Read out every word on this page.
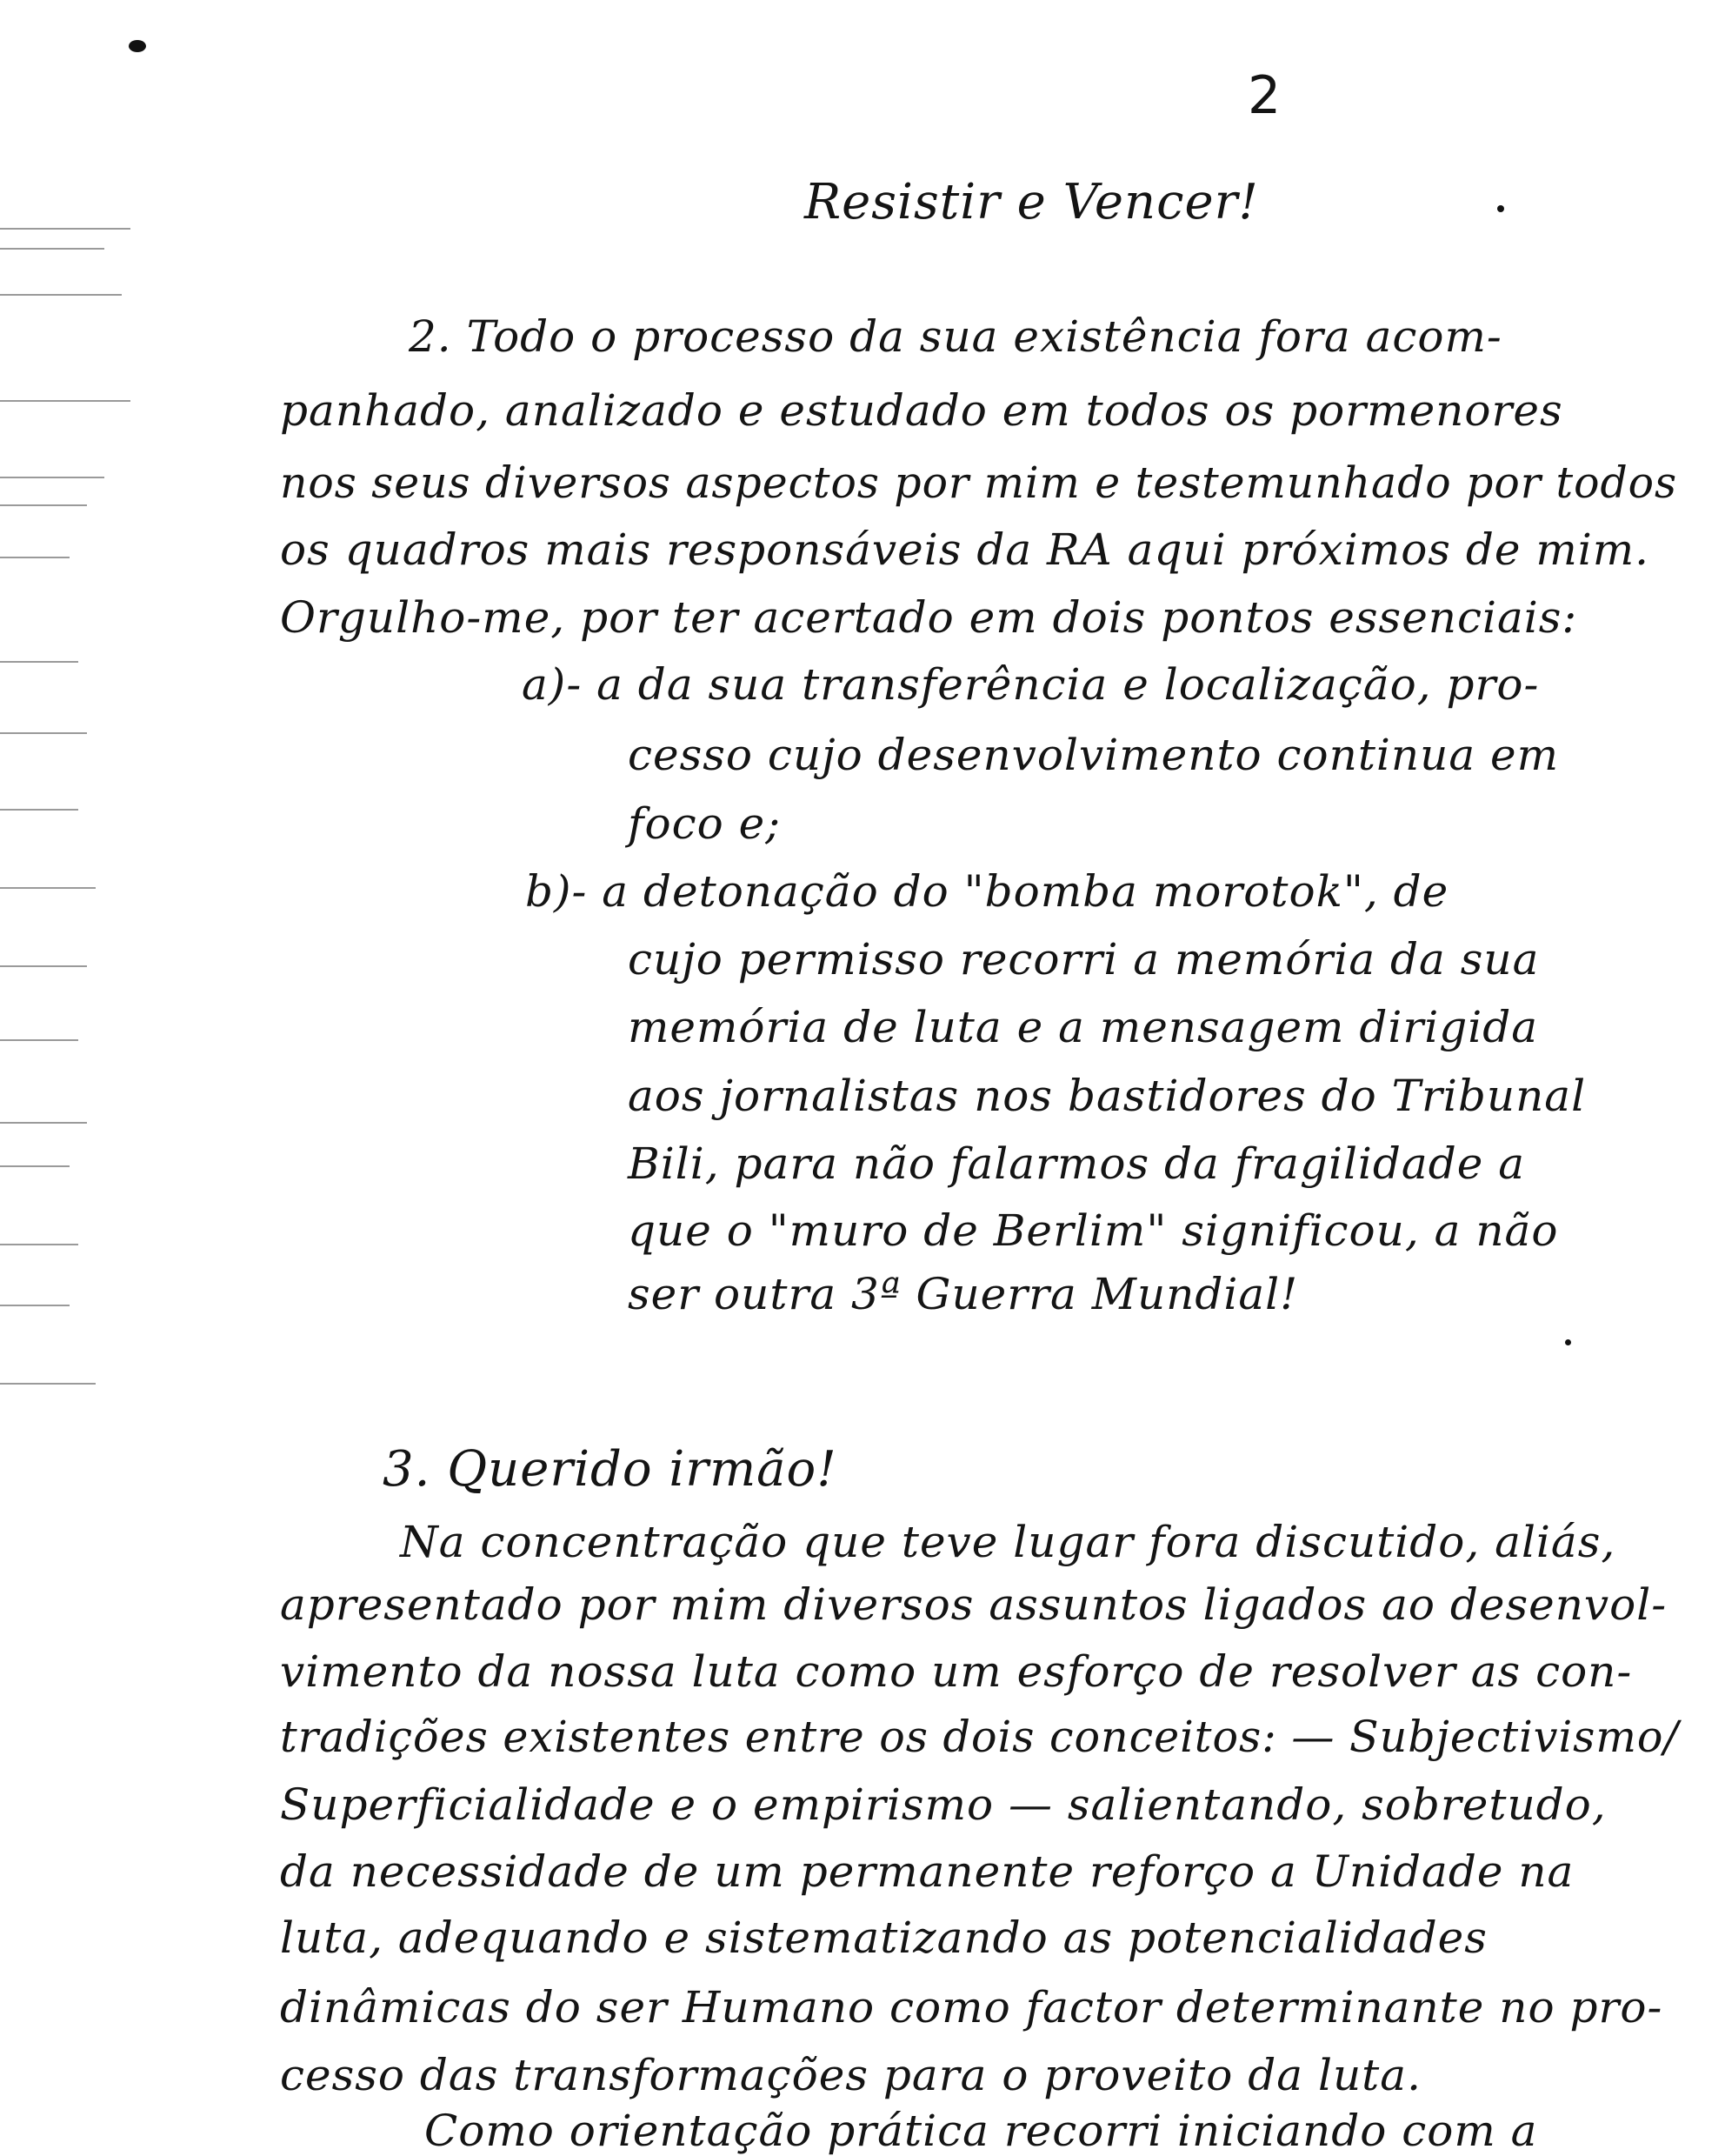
2
Resistir e Vencer!
2. Todo o processo da sua existência fora acom-
panhado, analizado e estudado em todos os pormenores
nos seus diversos aspectos por mim e testemunhado por todos
os quadros mais responsáveis da RA aqui próximos de mim.
Orgulho-me, por ter acertado em dois pontos essenciais:
a)- a da sua transferência e localização, pro-
cesso cujo desenvolvimento continua em
foco e;
b)- a detonação do "bomba morotok", de
cujo permisso recorri a memória da sua
memória de luta e a mensagem dirigida
aos jornalistas nos bastidores do Tribunal
Bili, para não falarmos da fragilidade a
que o "muro de Berlim" significou, a não
ser outra 3ª Guerra Mundial!
3. Querido irmão!
Na concentração que teve lugar fora discutido, aliás,
apresentado por mim diversos assuntos ligados ao desenvol-
vimento da nossa luta como um esforço de resolver as con-
tradições existentes entre os dois conceitos: — Subjectivismo/
Superficialidade e o empirismo — salientando, sobretudo,
da necessidade de um permanente reforço a Unidade na
luta, adequando e sistematizando as potencialidades
dinâmicas do ser Humano como factor determinante no pro-
cesso das transformações para o proveito da luta.
Como orientação prática recorri iniciando com a
